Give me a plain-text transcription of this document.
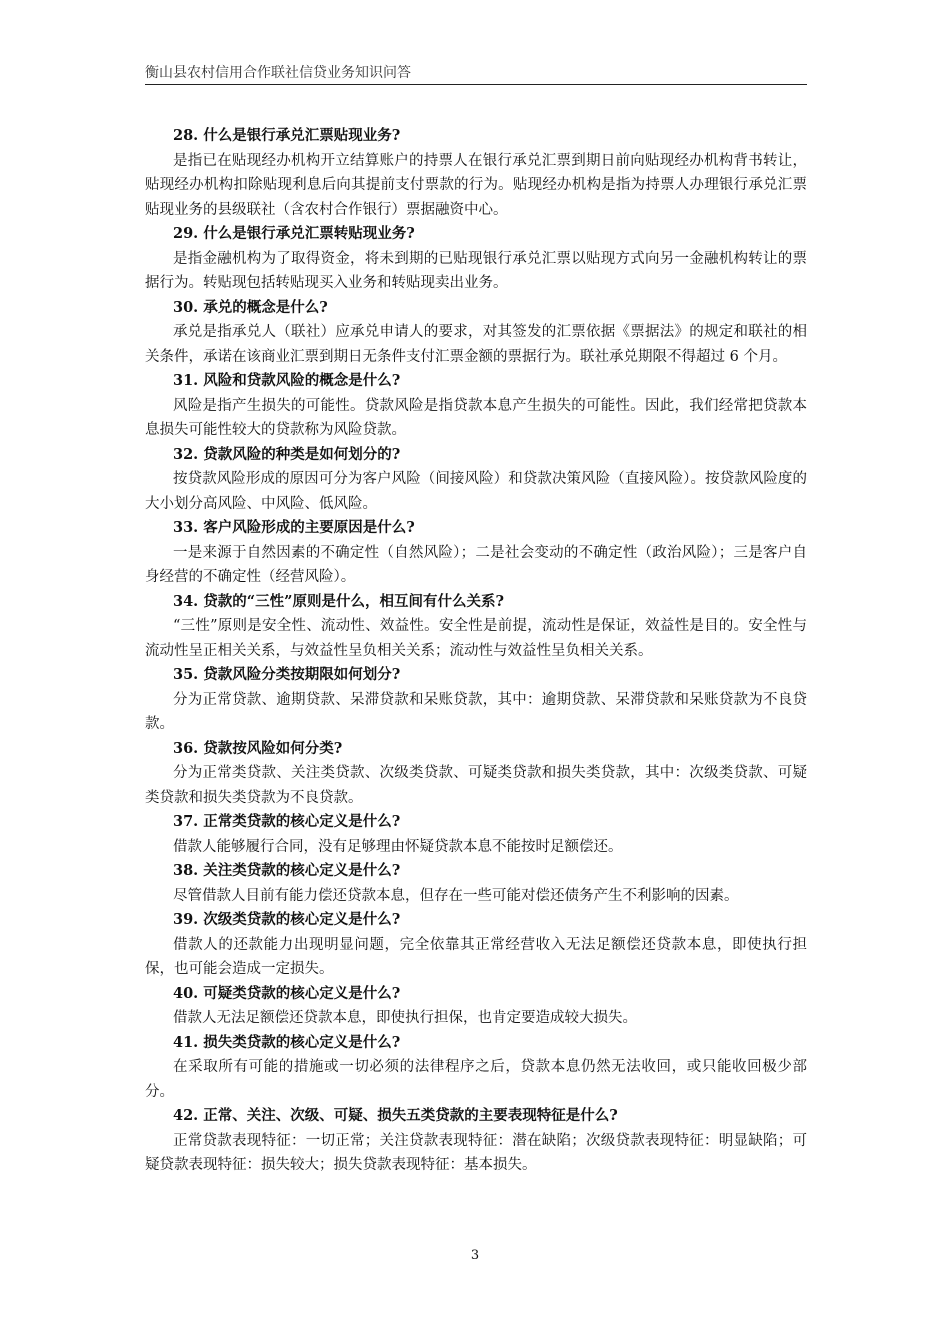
衡山县农村信用合作联社信贷业务知识问答

28. 什么是银行承兑汇票贴现业务?

是指已在贴现经办机构开立结算账户的持票人在银行承兑汇票到期日前向贴现经办机构背书转让，贴现经办机构扣除贴现利息后向其提前支付票款的行为。贴现经办机构是指为持票人办理银行承兑汇票贴现业务的县级联社（含农村合作银行）票据融资中心。

29. 什么是银行承兑汇票转贴现业务?

是指金融机构为了取得资金，将未到期的已贴现银行承兑汇票以贴现方式向另一金融机构转让的票据行为。转贴现包括转贴现买入业务和转贴现卖出业务。

30. 承兑的概念是什么?

承兑是指承兑人（联社）应承兑申请人的要求，对其签发的汇票依据《票据法》的规定和联社的相关条件，承诺在该商业汇票到期日无条件支付汇票金额的票据行为。联社承兑期限不得超过 6 个月。

31. 风险和贷款风险的概念是什么?

风险是指产生损失的可能性。贷款风险是指贷款本息产生损失的可能性。因此，我们经常把贷款本息损失可能性较大的贷款称为风险贷款。

32. 贷款风险的种类是如何划分的?

按贷款风险形成的原因可分为客户风险（间接风险）和贷款决策风险（直接风险）。按贷款风险度的大小划分高风险、中风险、低风险。

33. 客户风险形成的主要原因是什么?

一是来源于自然因素的不确定性（自然风险）；二是社会变动的不确定性（政治风险）；三是客户自身经营的不确定性（经营风险）。

34. 贷款的“三性”原则是什么，相互间有什么关系?

“三性”原则是安全性、流动性、效益性。安全性是前提，流动性是保证，效益性是目的。安全性与流动性呈正相关关系，与效益性呈负相关关系；流动性与效益性呈负相关关系。

35. 贷款风险分类按期限如何划分?

分为正常贷款、逾期贷款、呆滞贷款和呆账贷款，其中：逾期贷款、呆滞贷款和呆账贷款为不良贷款。

36. 贷款按风险如何分类?

分为正常类贷款、关注类贷款、次级类贷款、可疑类贷款和损失类贷款，其中：次级类贷款、可疑类贷款和损失类贷款为不良贷款。

37. 正常类贷款的核心定义是什么?

借款人能够履行合同，没有足够理由怀疑贷款本息不能按时足额偿还。

38. 关注类贷款的核心定义是什么?

尽管借款人目前有能力偿还贷款本息，但存在一些可能对偿还债务产生不利影响的因素。

39. 次级类贷款的核心定义是什么?

借款人的还款能力出现明显问题，完全依靠其正常经营收入无法足额偿还贷款本息，即使执行担保，也可能会造成一定损失。

40. 可疑类贷款的核心定义是什么?

借款人无法足额偿还贷款本息，即使执行担保，也肯定要造成较大损失。

41. 损失类贷款的核心定义是什么?

在采取所有可能的措施或一切必须的法律程序之后，贷款本息仍然无法收回，或只能收回极少部分。

42. 正常、关注、次级、可疑、损失五类贷款的主要表现特征是什么?

正常贷款表现特征：一切正常；关注贷款表现特征：潜在缺陷；次级贷款表现特征：明显缺陷；可疑贷款表现特征：损失较大；损失贷款表现特征：基本损失。

3
